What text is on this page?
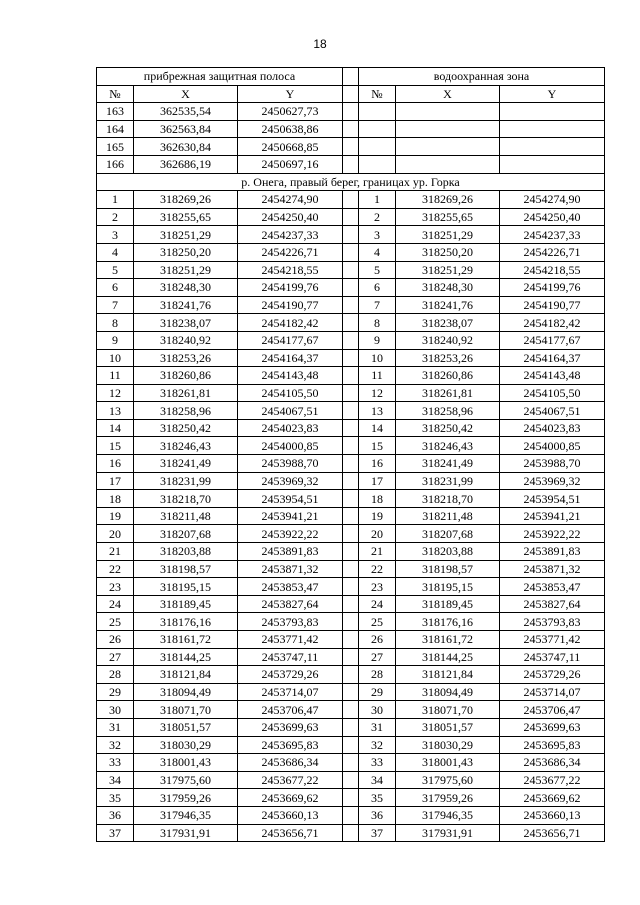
18
прибрежная защитная полоса				водоохранная зона		
№	X	Y		№	X	Y
163	362535,54	2450627,73				
164	362563,84	2450638,86				
165	362630,84	2450668,85				
166	362686,19	2450697,16				
р. Онега, правый берег, границах ур. Горка						
1	318269,26	2454274,90		1	318269,26	2454274,90
2	318255,65	2454250,40		2	318255,65	2454250,40
3	318251,29	2454237,33		3	318251,29	2454237,33
4	318250,20	2454226,71		4	318250,20	2454226,71
5	318251,29	2454218,55		5	318251,29	2454218,55
6	318248,30	2454199,76		6	318248,30	2454199,76
7	318241,76	2454190,77		7	318241,76	2454190,77
8	318238,07	2454182,42		8	318238,07	2454182,42
9	318240,92	2454177,67		9	318240,92	2454177,67
10	318253,26	2454164,37		10	318253,26	2454164,37
11	318260,86	2454143,48		11	318260,86	2454143,48
12	318261,81	2454105,50		12	318261,81	2454105,50
13	318258,96	2454067,51		13	318258,96	2454067,51
14	318250,42	2454023,83		14	318250,42	2454023,83
15	318246,43	2454000,85		15	318246,43	2454000,85
16	318241,49	2453988,70		16	318241,49	2453988,70
17	318231,99	2453969,32		17	318231,99	2453969,32
18	318218,70	2453954,51		18	318218,70	2453954,51
19	318211,48	2453941,21		19	318211,48	2453941,21
20	318207,68	2453922,22		20	318207,68	2453922,22
21	318203,88	2453891,83		21	318203,88	2453891,83
22	318198,57	2453871,32		22	318198,57	2453871,32
23	318195,15	2453853,47		23	318195,15	2453853,47
24	318189,45	2453827,64		24	318189,45	2453827,64
25	318176,16	2453793,83		25	318176,16	2453793,83
26	318161,72	2453771,42		26	318161,72	2453771,42
27	318144,25	2453747,11		27	318144,25	2453747,11
28	318121,84	2453729,26		28	318121,84	2453729,26
29	318094,49	2453714,07		29	318094,49	2453714,07
30	318071,70	2453706,47		30	318071,70	2453706,47
31	318051,57	2453699,63		31	318051,57	2453699,63
32	318030,29	2453695,83		32	318030,29	2453695,83
33	318001,43	2453686,34		33	318001,43	2453686,34
34	317975,60	2453677,22		34	317975,60	2453677,22
35	317959,26	2453669,62		35	317959,26	2453669,62
36	317946,35	2453660,13		36	317946,35	2453660,13
37	317931,91	2453656,71		37	317931,91	2453656,71
